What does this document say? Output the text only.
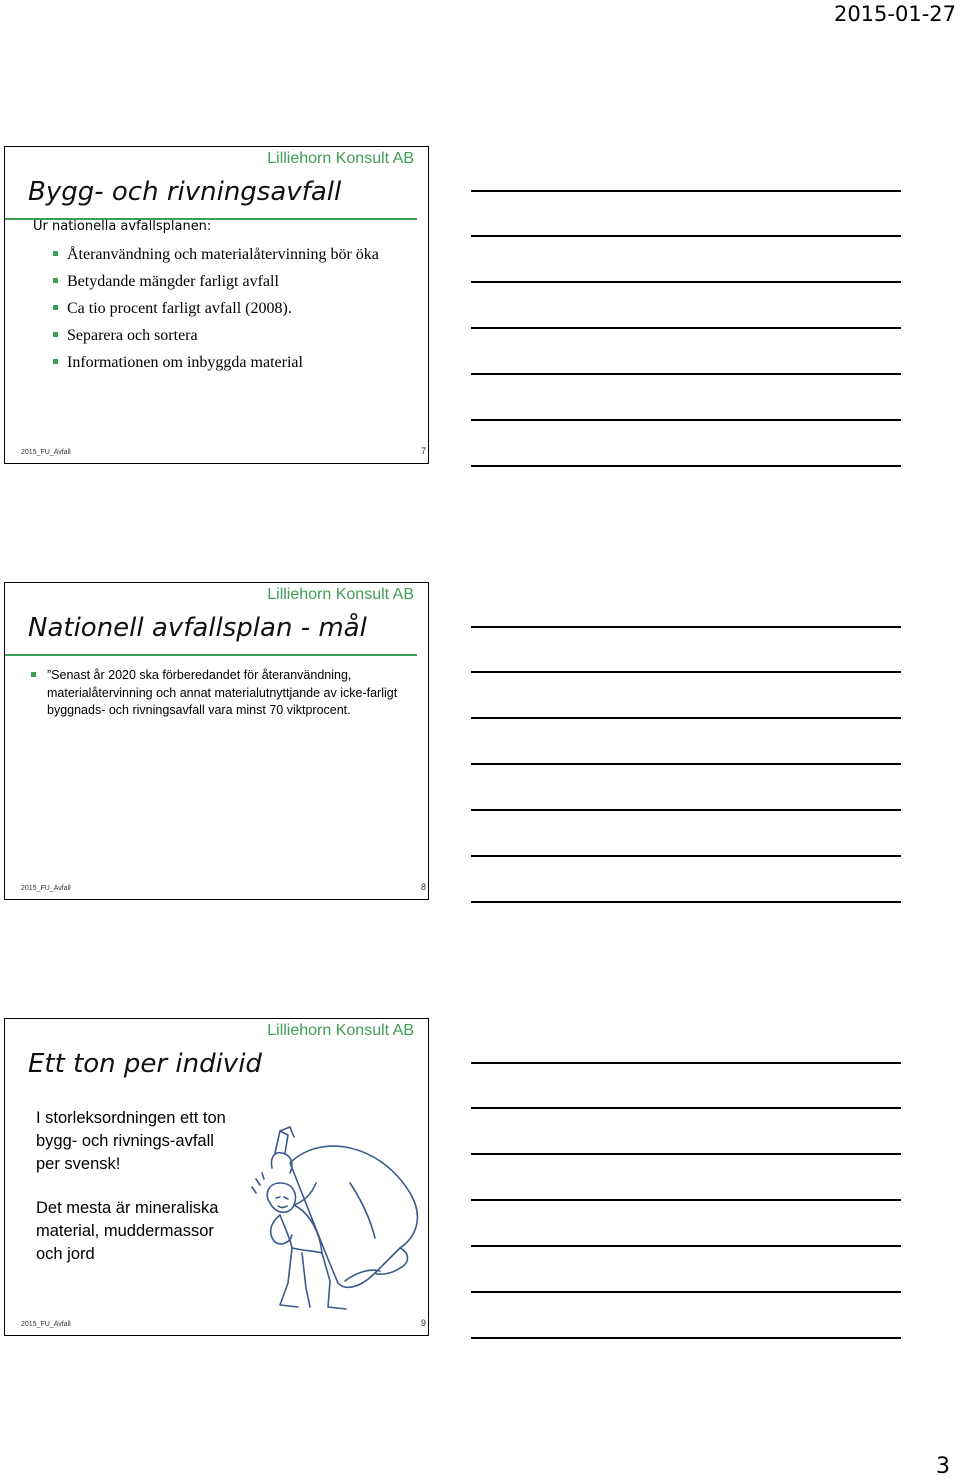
2015-01-27
Lilliehorn Konsult AB
Bygg- och rivningsavfall
Ur nationella avfallsplanen:
Återanvändning och materialåtervinning bör öka
Betydande mängder farligt avfall
Ca tio procent farligt avfall (2008).
Separera och sortera
Informationen om inbyggda material
2015_FU_Avfall	7
Lilliehorn Konsult AB
Nationell avfallsplan - mål
”Senast år 2020 ska förberedandet för återanvändning, materialåtervinning och annat materialutnyttjande av icke-farligt byggnads- och rivningsavfall vara minst 70 viktprocent.
2015_FU_Avfall	8
Lilliehorn Konsult AB
Ett ton per individ
I storleksordningen ett ton bygg- och rivnings-avfall per svensk!
Det mesta är mineraliska material, muddermassor och jord
2015_FU_Avfall	9
3
